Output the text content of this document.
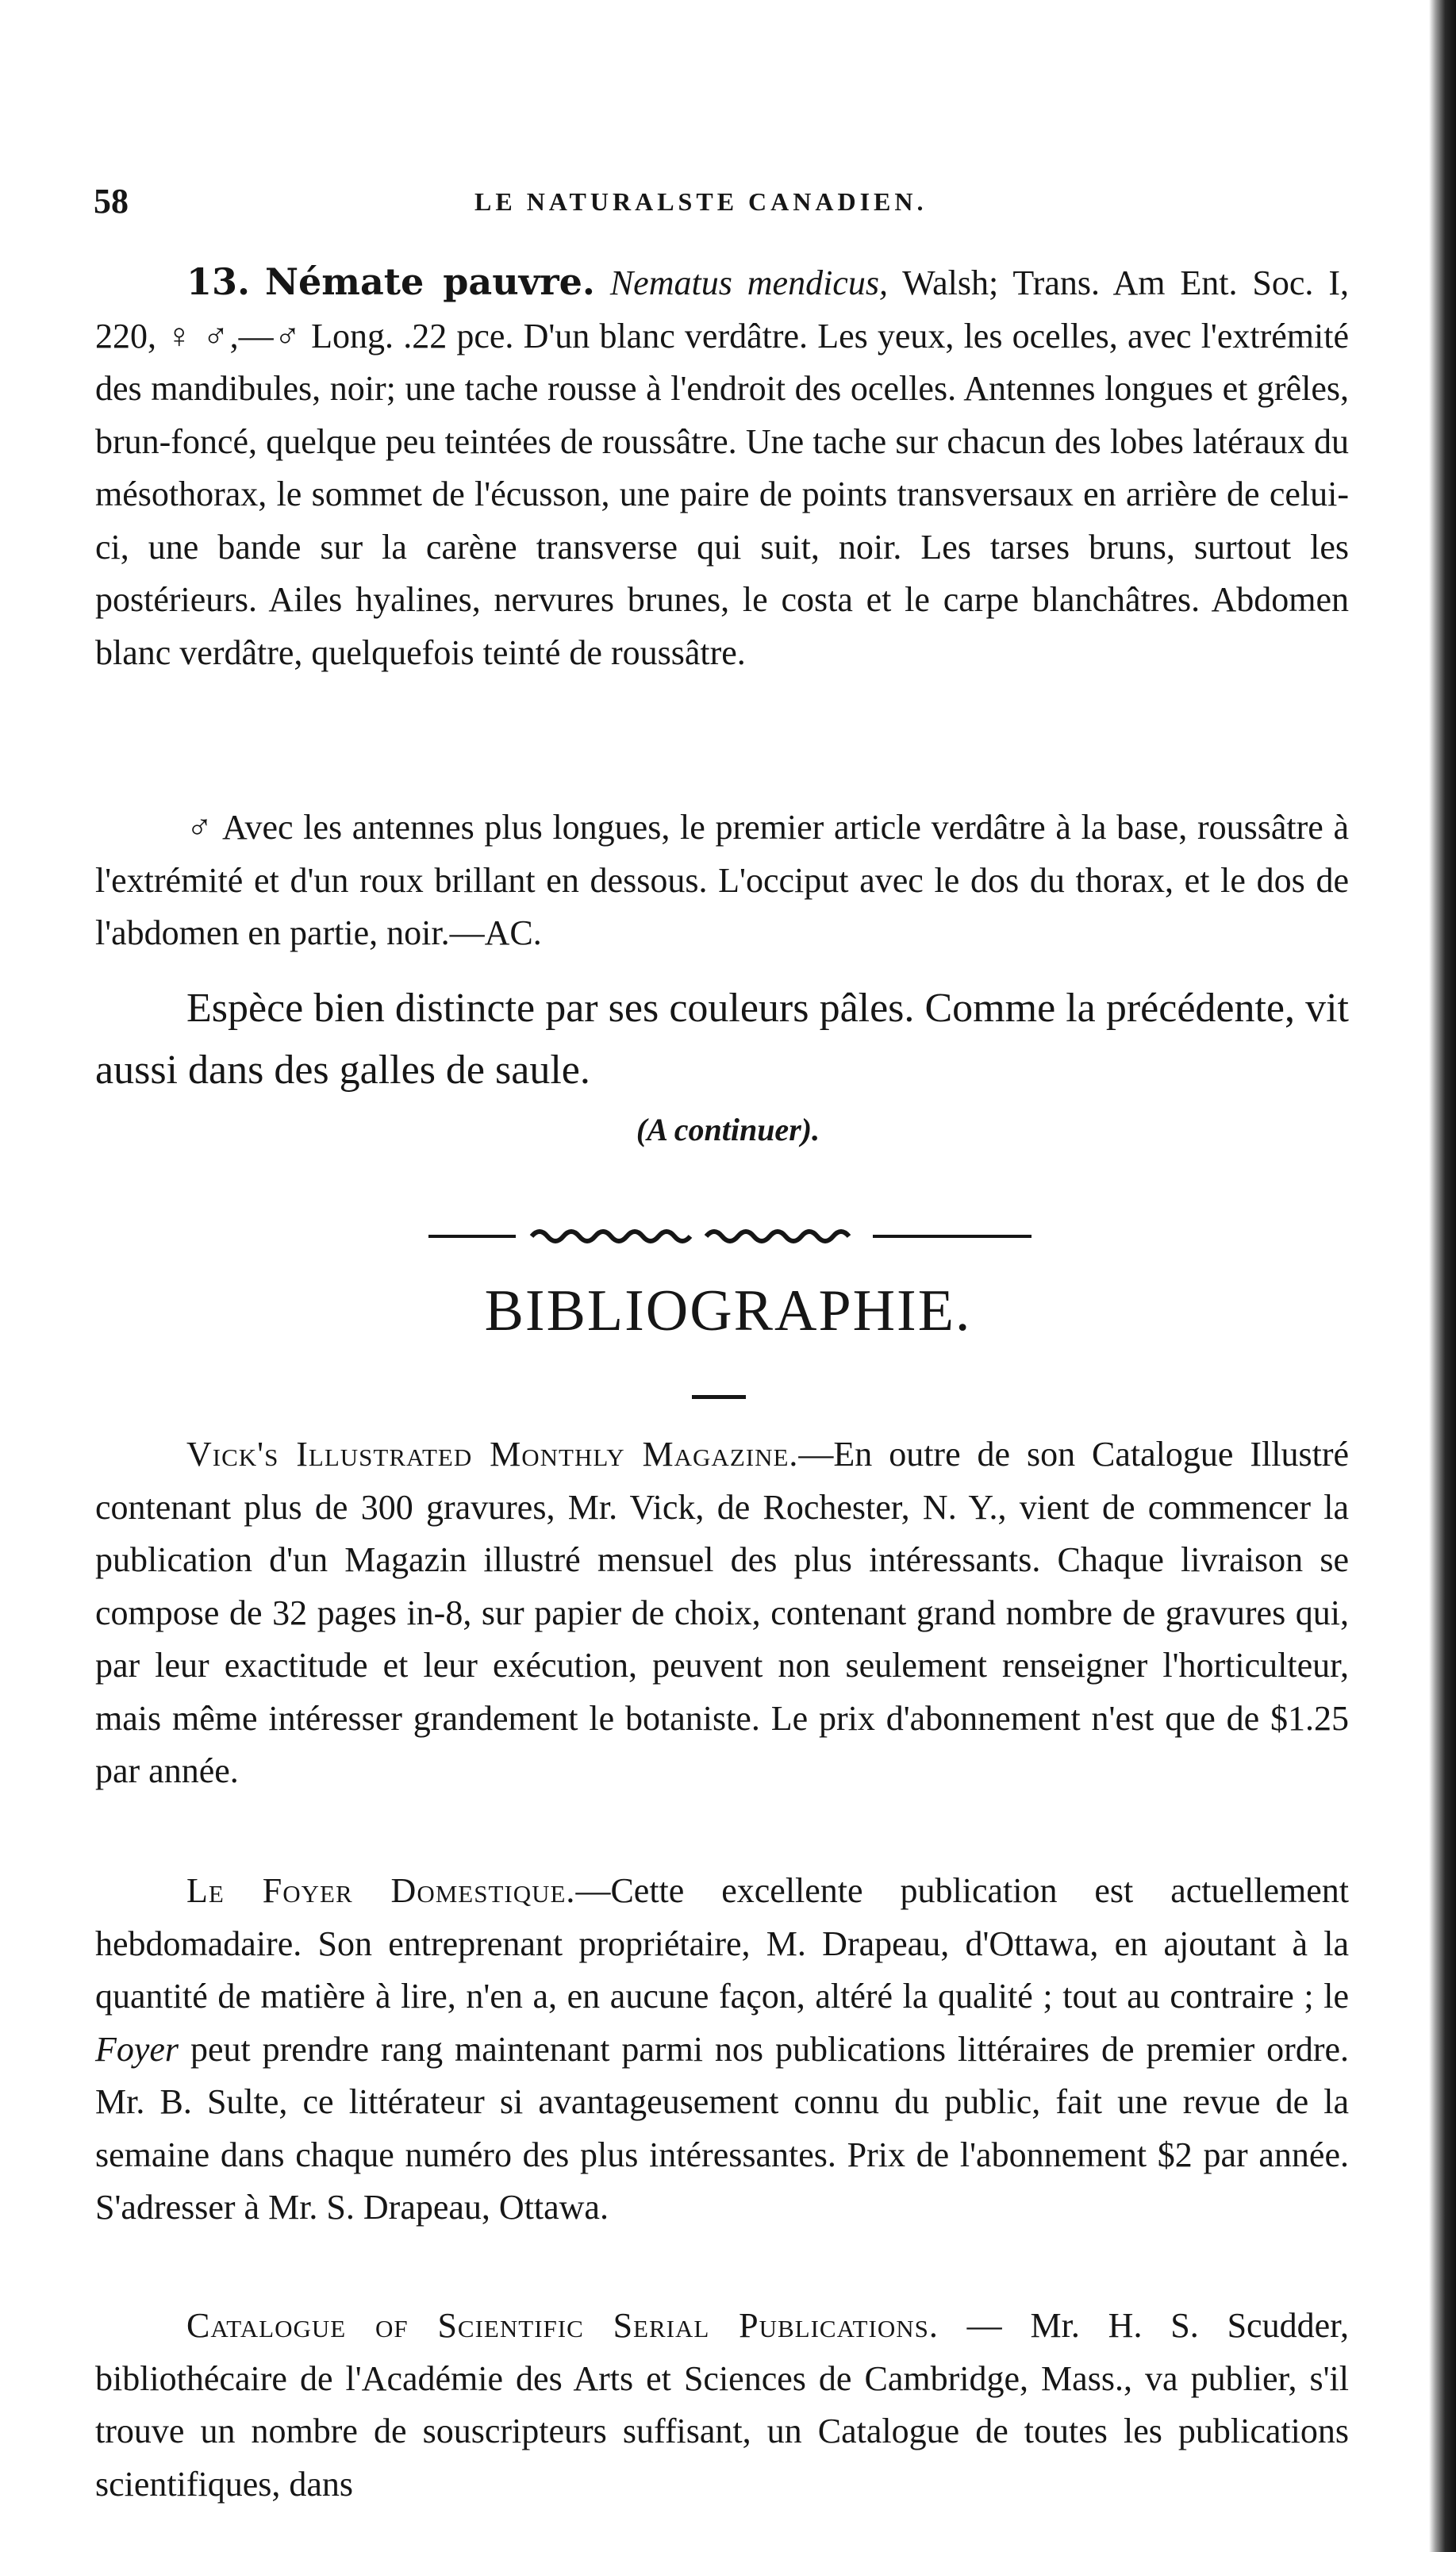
58	LE NATURALSTE CANADIEN.

13. Némate pauvre. Nematus mendicus, Walsh; Trans. Am Ent. Soc. I, 220, ♀ ♂,—♂ Long. .22 pce. D'un blanc verdâtre. Les yeux, les ocelles, avec l'extrémité des mandibules, noir; une tache rousse à l'endroit des ocelles. Antennes longues et grêles, brun-foncé, quelque peu teintées de roussâtre. Une tache sur chacun des lobes latéraux du mésothorax, le sommet de l'écusson, une paire de points transversaux en arrière de celui-ci, une bande sur la carène transverse qui suit, noir. Les tarses bruns, surtout les postérieurs. Ailes hyalines, nervures brunes, le costa et le carpe blanchâtres. Abdomen blanc verdâtre, quelquefois teinté de roussâtre.

♂ Avec les antennes plus longues, le premier article verdâtre à la base, roussâtre à l'extrémité et d'un roux brillant en dessous. L'occiput avec le dos du thorax, et le dos de l'abdomen en partie, noir.—AC.

Espèce bien distincte par ses couleurs pâles. Comme la précédente, vit aussi dans des galles de saule.

(A continuer).
BIBLIOGRAPHIE.

Vick's Illustrated Monthly Magazine.—En outre de son Catalogue Illustré contenant plus de 300 gravures, Mr. Vick, de Rochester, N. Y., vient de commencer la publication d'un Magazin illustré mensuel des plus intéressants. Chaque livraison se compose de 32 pages in-8, sur papier de choix, contenant grand nombre de gravures qui, par leur exactitude et leur exécution, peuvent non seulement renseigner l'horticulteur, mais même intéresser grandement le botaniste. Le prix d'abonnement n'est que de $1.25 par année.

Le Foyer Domestique.—Cette excellente publication est actuellement hebdomadaire. Son entreprenant propriétaire, M. Drapeau, d'Ottawa, en ajoutant à la quantité de matière à lire, n'en a, en aucune façon, altéré la qualité ; tout au contraire ; le Foyer peut prendre rang maintenant parmi nos publications littéraires de premier ordre. Mr. B. Sulte, ce littérateur si avantageusement connu du public, fait une revue de la semaine dans chaque numéro des plus intéressantes. Prix de l'abonnement $2 par année. S'adresser à Mr. S. Drapeau, Ottawa.

Catalogue of Scientific Serial Publications. — Mr. H. S. Scudder, bibliothécaire de l'Académie des Arts et Sciences de Cambridge, Mass., va publier, s'il trouve un nombre de souscripteurs suffisant, un Catalogue de toutes les publications scientifiques, dans
